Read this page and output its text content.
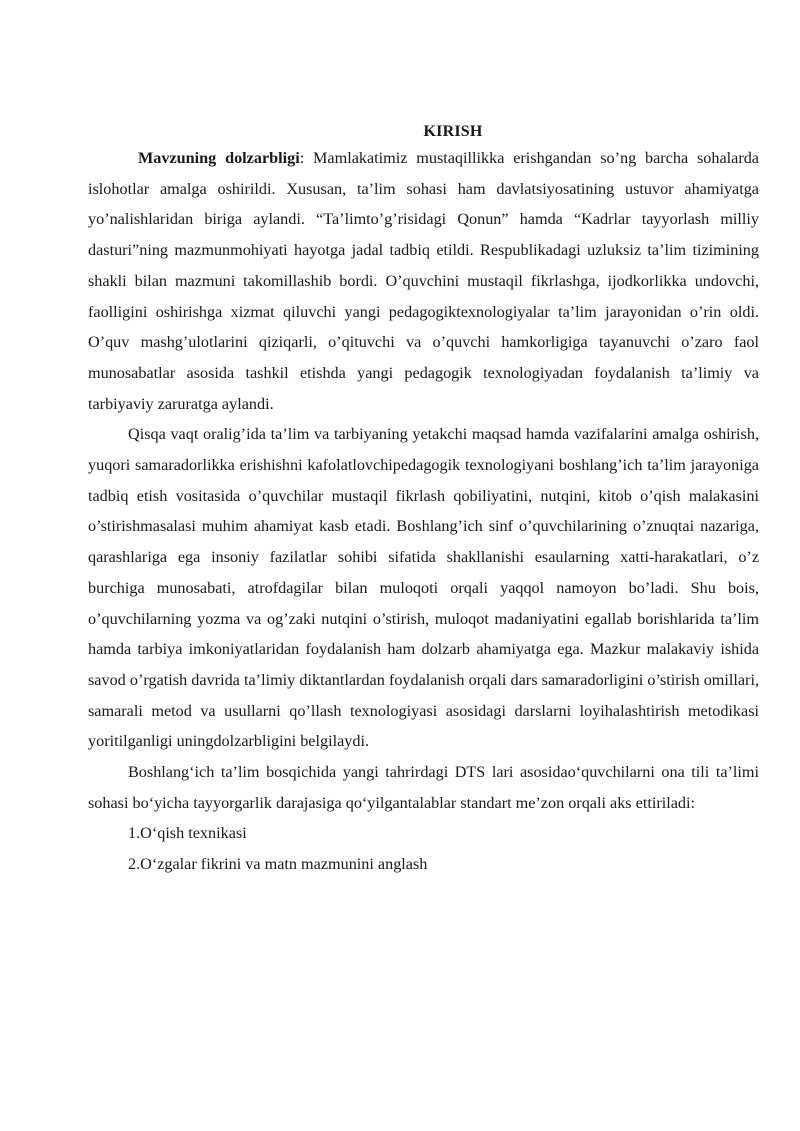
KIRISH

Mavzuning dolzarbligi: Mamlakatimiz mustaqillikka erishgandan so’ng barcha sohalarda islohotlar amalga oshirildi. Xususan, ta’lim sohasi ham davlatsiyosatining ustuvor ahamiyatga yo’nalishlaridan biriga aylandi. “Ta’limto’g’risidagi Qonun” hamda “Kadrlar tayyorlash milliy dasturi”ning mazmunmohiyati hayotga jadal tadbiq etildi. Respublikadagi uzluksiz ta’lim tizimining shakli bilan mazmuni takomillashib bordi. O’quvchini mustaqil fikrlashga, ijodkorlikka undovchi, faolligini oshirishga xizmat qiluvchi yangi pedagogiktexnologiyalar ta’lim jarayonidan o’rin oldi. O’quv mashg’ulotlarini qiziqarli, o’qituvchi va o’quvchi hamkorligiga tayanuvchi o’zaro faol munosabatlar asosida tashkil etishda yangi pedagogik texnologiyadan foydalanish ta’limiy va tarbiyaviy zaruratga aylandi.

Qisqa vaqt oralig’ida ta’lim va tarbiyaning yetakchi maqsad hamda vazifalarini amalga oshirish, yuqori samaradorlikka erishishni kafolatlovchipedagogik texnologiyani boshlang’ich ta’lim jarayoniga tadbiq etish vositasida o’quvchilar mustaqil fikrlash qobiliyatini, nutqini, kitob o’qish malakasini o’stirishmasalasi muhim ahamiyat kasb etadi. Boshlang’ich sinf o’quvchilarining o’znuqtai nazariga, qarashlariga ega insoniy fazilatlar sohibi sifatida shakllanishi esaularning xatti-harakatlari, o’z burchiga munosabati, atrofdagilar bilan muloqoti orqali yaqqol namoyon bo’ladi. Shu bois, o’quvchilarning yozma va og’zaki nutqini o’stirish, muloqot madaniyatini egallab borishlarida ta’lim hamda tarbiya imkoniyatlaridan foydalanish ham dolzarb ahamiyatga ega. Mazkur malakaviy ishida savod o’rgatish davrida ta’limiy diktantlardan foydalanish orqali dars samaradorligini o’stirish omillari, samarali metod va usullarni qo’llash texnologiyasi asosidagi darslarni loyihalashtirish metodikasi yoritilganligi uningdolzarbligini belgilaydi.

Boshlang‘ich ta’lim bosqichida yangi tahrirdagi DTS lari asosidao‘quvchilarni ona tili ta’limi sohasi bo‘yicha tayyorgarlik darajasiga qo‘yilgantalablar standart me’zon orqali aks ettiriladi:

1.O‘qish texnikasi

2.O‘zgalar fikrini va matn mazmunini anglash
